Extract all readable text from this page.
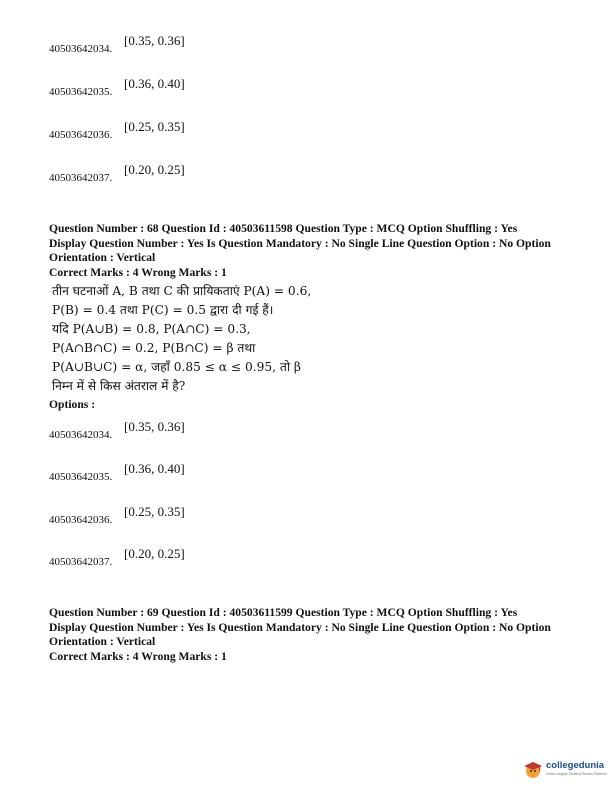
40503642034.
[0.35, 0.36]
40503642035.
[0.36, 0.40]
40503642036.
[0.25, 0.35]
40503642037.
[0.20, 0.25]
Question Number : 68 Question Id : 40503611598 Question Type : MCQ Option Shuffling : Yes
Display Question Number : Yes Is Question Mandatory : No Single Line Question Option : No Option
Orientation : Vertical
Correct Marks : 4 Wrong Marks : 1
तीन घटनाओं A, B तथा C की प्रायिकताएं P(A) = 0.6,
P(B) = 0.4 तथा P(C) = 0.5 द्वारा दी गई हैं।
यदि P(A∪B) = 0.8, P(A∩C) = 0.3,
P(A∩B∩C) = 0.2, P(B∩C) = β तथा
P(A∪B∪C) = α, जहाँ 0.85 ≤ α ≤ 0.95, तो β
निम्न में से किस अंतराल में है?
Options :
40503642034.
[0.35, 0.36]
40503642035.
[0.36, 0.40]
40503642036.
[0.25, 0.35]
40503642037.
[0.20, 0.25]
Question Number : 69 Question Id : 40503611599 Question Type : MCQ Option Shuffling : Yes
Display Question Number : Yes Is Question Mandatory : No Single Line Question Option : No Option
Orientation : Vertical
Correct Marks : 4 Wrong Marks : 1
collegedunia
India's largest Student Review Platform
